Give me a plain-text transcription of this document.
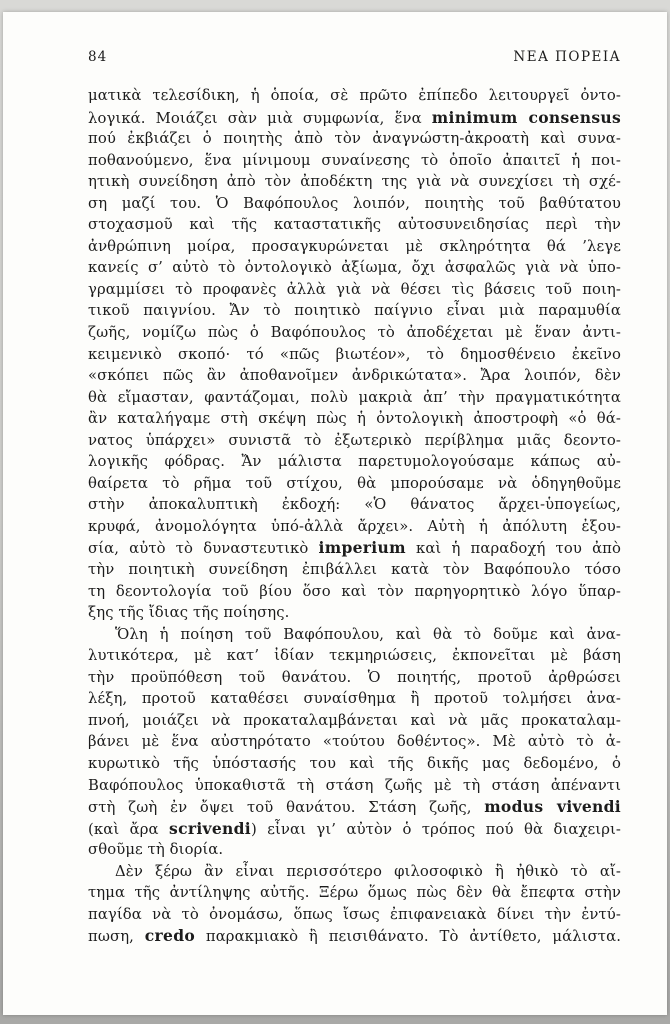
84	ΝΕΑ ΠΟΡΕΙΑ
ματικὰ τελεσίδικη, ἡ ὁποία, σὲ πρῶτο ἐπίπεδο λειτουργεῖ ὀντο-
λογικά. Μοιάζει σὰν μιὰ συμφωνία, ἕνα minimum consensus
πού ἐκβιάζει ὁ ποιητὴς ἀπὸ τὸν ἀναγνώστη-ἀκροατὴ καὶ συνα-
ποθανούμενο, ἕνα μίνιμουμ συναίνεσης τὸ ὁποῖο ἀπαιτεῖ ἡ ποι-
ητικὴ συνείδηση ἀπὸ τὸν ἀποδέκτη της γιὰ νὰ συνεχίσει τὴ σχέ-
ση μαζί του. Ὁ Βαφόπουλος λοιπόν, ποιητὴς τοῦ βαθύτατου
στοχασμοῦ καὶ τῆς καταστατικῆς αὐτοσυνειδησίας περὶ τὴν
ἀνθρώπινη μοίρα, προσαγκυρώνεται μὲ σκληρότητα θά ’λεγε
κανείς σ’ αὐτὸ τὸ ὀντολογικὸ ἀξίωμα, ὄχι ἀσφαλῶς γιὰ νὰ ὑπο-
γραμμίσει τὸ προφανὲς ἀλλὰ γιὰ νὰ θέσει τὶς βάσεις τοῦ ποιη-
τικοῦ παιγνίου. Ἄν τὸ ποιητικὸ παίγνιο εἶναι μιὰ παραμυθία
ζωῆς, νομίζω πὼς ὁ Βαφόπουλος τὸ ἀποδέχεται μὲ ἕναν ἀντι-
κειμενικὸ σκοπό· τό «πῶς βιωτέον», τὸ δημοσθένειο ἐκεῖνο
«σκόπει πῶς ἂν ἀποθανοῖμεν ἀνδρικώτατα». Ἄρα λοιπόν, δὲν
θὰ εἴμασταν, φαντάζομαι, πολὺ μακριὰ ἀπ’ τὴν πραγματικότητα
ἂν καταλήγαμε στὴ σκέψη πὼς ἡ ὀντολογικὴ ἀποστροφὴ «ὁ θά-
νατος ὑπάρχει» συνιστᾶ τὸ ἐξωτερικὸ περίβλημα μιᾶς δεοντο-
λογικῆς φόδρας. Ἄν μάλιστα παρετυμολογούσαμε κάπως αὐ-
θαίρετα τὸ ρῆμα τοῦ στίχου, θὰ μπορούσαμε νὰ ὁδηγηθοῦμε
στὴν ἀποκαλυπτικὴ ἐκδοχή: «Ὁ θάνατος ἄρχει-ὑπογείως,
κρυφά, ἀνομολόγητα ὑπό-ἀλλὰ ἄρχει». Αὐτὴ ἡ ἀπόλυτη ἐξου-
σία, αὐτὸ τὸ δυναστευτικὸ imperium καὶ ἡ παραδοχή του ἀπὸ
τὴν ποιητικὴ συνείδηση ἐπιβάλλει κατὰ τὸν Βαφόπουλο τόσο
τη δεοντολογία τοῦ βίου ὅσο καὶ τὸν παρηγορητικὸ λόγο ὕπαρ-
ξης τῆς ἴδιας τῆς ποίησης.
Ὅλη ἡ ποίηση τοῦ Βαφόπουλου, καὶ θὰ τὸ δοῦμε καὶ ἀνα-
λυτικότερα, μὲ κατ’ ἰδίαν τεκμηριώσεις, ἐκπονεῖται μὲ βάση
τὴν προϋπόθεση τοῦ θανάτου. Ὁ ποιητής, προτοῦ ἀρθρώσει
λέξη, προτοῦ καταθέσει συναίσθημα ἢ προτοῦ τολμήσει ἀνα-
πνοή, μοιάζει νὰ προκαταλαμβάνεται καὶ νὰ μᾶς προκαταλαμ-
βάνει μὲ ἕνα αὐστηρότατο «τούτου δοθέντος». Μὲ αὐτὸ τὸ ἀ-
κυρωτικὸ τῆς ὑπόστασής του καὶ τῆς δικῆς μας δεδομένο, ὁ
Βαφόπουλος ὑποκαθιστᾶ τὴ στάση ζωῆς μὲ τὴ στάση ἀπέναντι
στὴ ζωὴ ἐν ὄψει τοῦ θανάτου. Στάση ζωῆς, modus vivendi
(καὶ ἄρα scrivendi) εἶναι γι’ αὐτὸν ὁ τρόπος πού θὰ διαχειρι-
σθοῦμε τὴ διορία.
Δὲν ξέρω ἂν εἶναι περισσότερο φιλοσοφικὸ ἢ ἠθικὸ τὸ αἴ-
τημα τῆς ἀντίληψης αὐτῆς. Ξέρω ὅμως πὼς δὲν θὰ ἔπεφτα στὴν
παγίδα νὰ τὸ ὀνομάσω, ὅπως ἴσως ἐπιφανειακὰ δίνει τὴν ἐντύ-
πωση, credo παρακμιακὸ ἢ πεισιθάνατο. Τὸ ἀντίθετο, μάλιστα.
